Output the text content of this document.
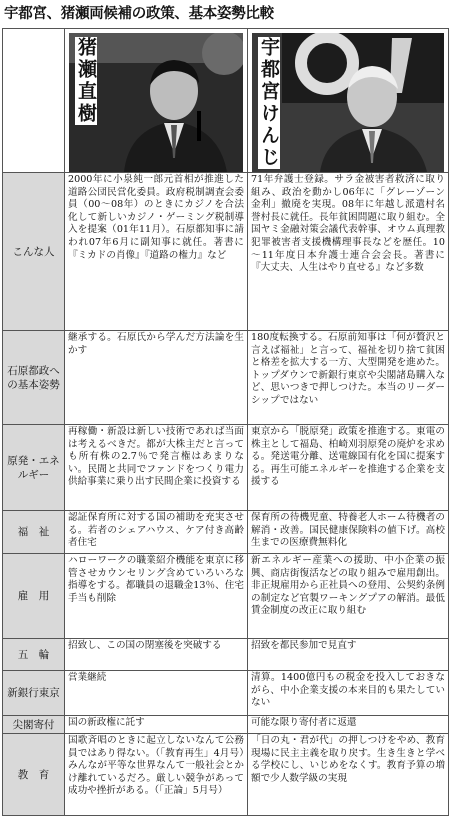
宇都宮、猪瀬両候補の政策、基本姿勢比較

	猪瀬直樹	宇都宮けんじ

こんな人	2000年に小泉純一郎元首相が推進した道路公団民営化委員。政府税制調査会委員（00～08年）のときにカジノを合法化して新しいカジノ・ゲーミング税制導入を提案（01年11月）。石原都知事に請われ07年6月に副知事に就任。著書に『ミカドの肖像』『道路の権力』など	71年弁護士登録。サラ金被害者救済に取り組み、政治を動かし06年に「グレーゾーン金利」撤廃を実現。08年に年越し派遣村名誉村長に就任。長年貧困問題に取り組む。全国ヤミ金融対策会議代表幹事、オウム真理教犯罪被害者支援機構理事長などを歴任。10～11年度日本弁護士連合会会長。著書に『大丈夫、人生はやり直せる』など多数
石原都政への基本姿勢	継承する。石原氏から学んだ方法論を生かす	180度転換する。石原前知事は「何が贅沢と言えば福祉」と言って、福祉を切り捨て貧困と格差を拡大する一方、大型開発を進めた。トップダウンで新銀行東京や尖閣諸島購入など、思いつきで押しつけた。本当のリーダーシップではない
原発・エネルギー	再稼働・新設は新しい技術であれば当面は考えるべきだ。都が大株主だと言っても所有株の2.7％で発言権はあまりない。民間と共同でファンドをつくり電力供給事業に乗り出す民間企業に投資する	東京から「脱原発」政策を推進する。東電の株主として福島、柏崎刈羽原発の廃炉を求める。発送電分離、送電線国有化を国に提案する。再生可能エネルギーを推進する企業を支援する
福　祉	認証保育所に対する国の補助を充実させる。若者のシェアハウス、ケア付き高齢者住宅	保育所の待機児童、特養老人ホーム待機者の解消・改善。国民健康保険料の値下げ。高校生までの医療費無料化
雇　用	ハローワークの職業紹介機能を東京に移管させカウンセリング含めていろいろな指導をする。都職員の退職金13％、住宅手当も削除	新エネルギー産業への援助、中小企業の振興、商店街復活などの取り組みで雇用創出。非正規雇用から正社員への登用、公契約条例の制定など官製ワーキングプアの解消。最低賃金制度の改正に取り組む
五　輪	招致し、この国の閉塞後を突破する	招致を都民参加で見直す
新銀行東京	営業継続	清算。1400億円もの税金を投入しておきながら、中小企業支援の本来目的も果たしていない
尖閣寄付	国の新政権に託す	可能な限り寄付者に返還
教　育	国歌斉唱のときに起立しないなんて公務員ではあり得ない。（「教育再生」4月号）みんなが平等な世界なんて一般社会とかけ離れているだろ。厳しい競争があって成功や挫折がある。（「正論」5月号）	「日の丸・君が代」の押しつけをやめ、教育現場に民主主義を取り戻す。生き生きと学べる学校にし、いじめをなくす。教育予算の増額で少人数学級の実現
